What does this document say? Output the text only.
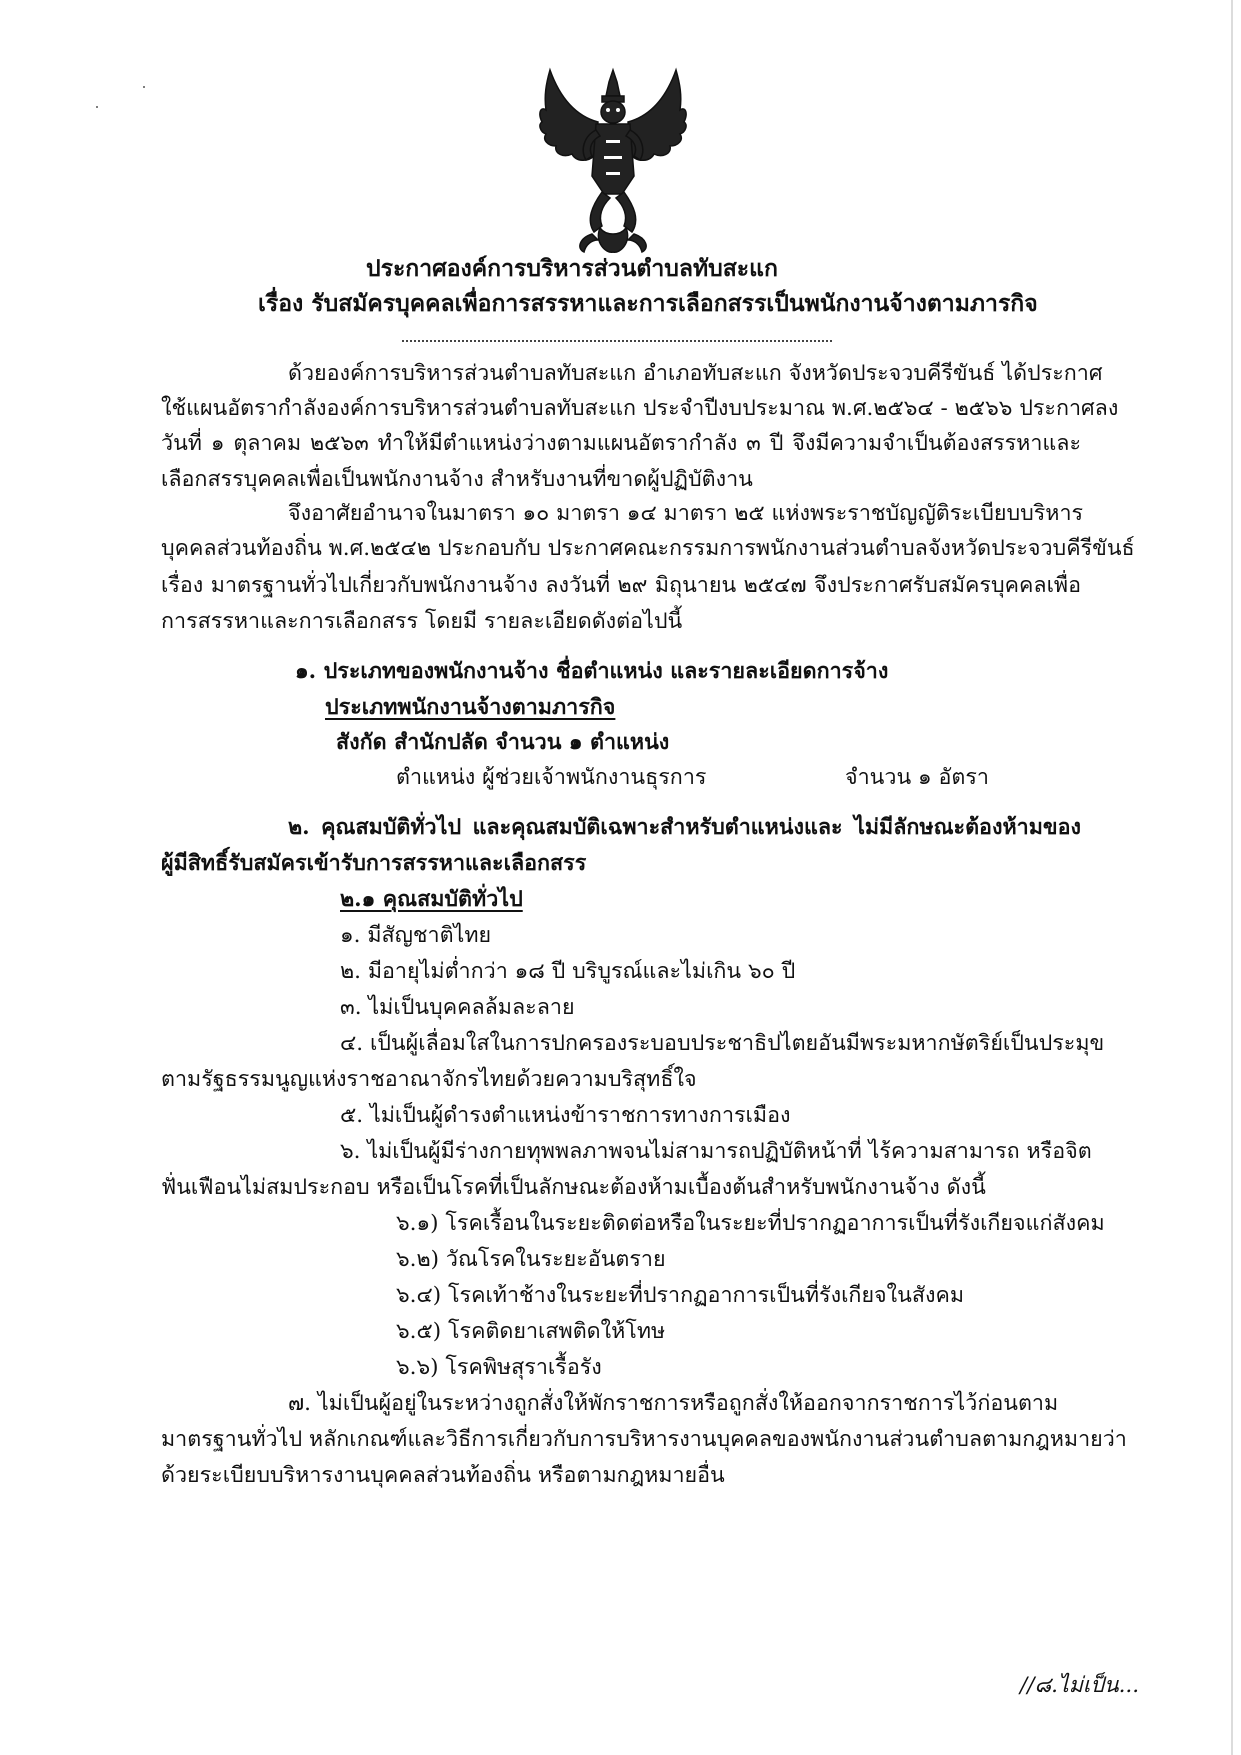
ประกาศองค์การบริหารส่วนตำบลทับสะแก
เรื่อง รับสมัครบุคคลเพื่อการสรรหาและการเลือกสรรเป็นพนักงานจ้างตามภารกิจ
ด้วยองค์การบริหารส่วนตำบลทับสะแก อำเภอทับสะแก จังหวัดประจวบคีรีขันธ์ ได้ประกาศ
ใช้แผนอัตรากำลังองค์การบริหารส่วนตำบลทับสะแก ประจำปีงบประมาณ พ.ศ.๒๕๖๔ - ๒๕๖๖ ประกาศลง
วันที่ ๑ ตุลาคม ๒๕๖๓ ทำให้มีตำแหน่งว่างตามแผนอัตรากำลัง ๓ ปี จึงมีความจำเป็นต้องสรรหาและ
เลือกสรรบุคคลเพื่อเป็นพนักงานจ้าง สำหรับงานที่ขาดผู้ปฏิบัติงาน
จึงอาศัยอำนาจในมาตรา ๑๐ มาตรา ๑๔ มาตรา ๒๕ แห่งพระราชบัญญัติระเบียบบริหาร
บุคคลส่วนท้องถิ่น พ.ศ.๒๕๔๒ ประกอบกับ ประกาศคณะกรรมการพนักงานส่วนตำบลจังหวัดประจวบคีรีขันธ์
เรื่อง มาตรฐานทั่วไปเกี่ยวกับพนักงานจ้าง ลงวันที่ ๒๙ มิถุนายน ๒๕๔๗ จึงประกาศรับสมัครบุคคลเพื่อ
การสรรหาและการเลือกสรร โดยมี รายละเอียดดังต่อไปนี้
๑. ประเภทของพนักงานจ้าง ชื่อตำแหน่ง และรายละเอียดการจ้าง
ประเภทพนักงานจ้างตามภารกิจ
สังกัด สำนักปลัด จำนวน ๑ ตำแหน่ง
ตำแหน่ง ผู้ช่วยเจ้าพนักงานธุรการ	จำนวน ๑ อัตรา
๒. คุณสมบัติทั่วไป และคุณสมบัติเฉพาะสำหรับตำแหน่งและ ไม่มีลักษณะต้องห้ามของ
ผู้มีสิทธิ์รับสมัครเข้ารับการสรรหาและเลือกสรร
๒.๑ คุณสมบัติทั่วไป
๑. มีสัญชาติไทย
๒. มีอายุไม่ต่ำกว่า ๑๘ ปี บริบูรณ์และไม่เกิน ๖๐ ปี
๓. ไม่เป็นบุคคลล้มละลาย
๔. เป็นผู้เลื่อมใสในการปกครองระบอบประชาธิปไตยอันมีพระมหากษัตริย์เป็นประมุข
ตามรัฐธรรมนูญแห่งราชอาณาจักรไทยด้วยความบริสุทธิ์ใจ
๕. ไม่เป็นผู้ดำรงตำแหน่งข้าราชการทางการเมือง
๖. ไม่เป็นผู้มีร่างกายทุพพลภาพจนไม่สามารถปฏิบัติหน้าที่ ไร้ความสามารถ หรือจิต
ฟั่นเฟือนไม่สมประกอบ หรือเป็นโรคที่เป็นลักษณะต้องห้ามเบื้องต้นสำหรับพนักงานจ้าง ดังนี้
๖.๑) โรคเรื้อนในระยะติดต่อหรือในระยะที่ปรากฏอาการเป็นที่รังเกียจแก่สังคม
๖.๒) วัณโรคในระยะอันตราย
๖.๔) โรคเท้าช้างในระยะที่ปรากฏอาการเป็นที่รังเกียจในสังคม
๖.๕) โรคติดยาเสพติดให้โทษ
๖.๖) โรคพิษสุราเรื้อรัง
๗. ไม่เป็นผู้อยู่ในระหว่างถูกสั่งให้พักราชการหรือถูกสั่งให้ออกจากราชการไว้ก่อนตาม
มาตรฐานทั่วไป หลักเกณฑ์และวิธีการเกี่ยวกับการบริหารงานบุคคลของพนักงานส่วนตำบลตามกฎหมายว่า
ด้วยระเบียบบริหารงานบุคคลส่วนท้องถิ่น หรือตามกฎหมายอื่น
//๘.ไม่เป็น...
